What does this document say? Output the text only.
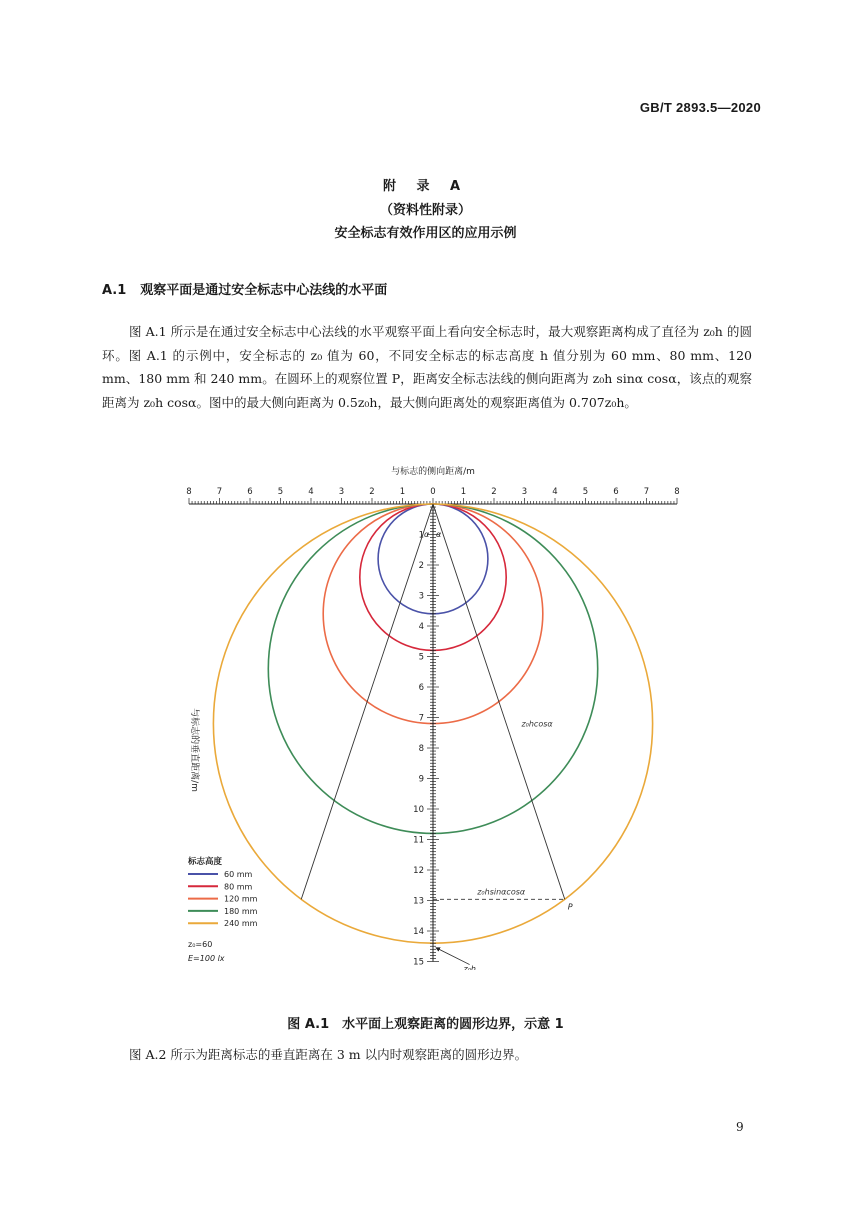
GB/T 2893.5—2020
附 录 A
（资料性附录）
安全标志有效作用区的应用示例
A.1 观察平面是通过安全标志中心法线的水平面
图 A.1 所示是在通过安全标志中心法线的水平观察平面上看向安全标志时，最大观察距离构成了直径为 z₀h 的圆环。图 A.1 的示例中，安全标志的 z₀ 值为 60，不同安全标志的标志高度 h 值分别为 60 mm、80 mm、120 mm、180 mm 和 240 mm。在圆环上的观察位置 P，距离安全标志法线的侧向距离为 z₀h sinα cosα，该点的观察距离为 z₀h cosα。图中的最大侧向距离为 0.5z₀h，最大侧向距离处的观察距离值为 0.707z₀h。
与标志的侧向距离/m
8	7	6	5	4	3	2	1	0	1	2	3	4	5	6	7	8
1
2
3
4
5
6
7
8
9
10
11
12
13
14
15
α α
z₀hcosα
z₀hsinαcosα
P
z₀h
与标志的垂直距离/m
标志高度
60 mm
80 mm
120 mm
180 mm
240 mm
z₀=60
E=100 lx
图 A.1　水平面上观察距离的圆形边界，示意 1
图 A.2 所示为距离标志的垂直距离在 3 m 以内时观察距离的圆形边界。
9
